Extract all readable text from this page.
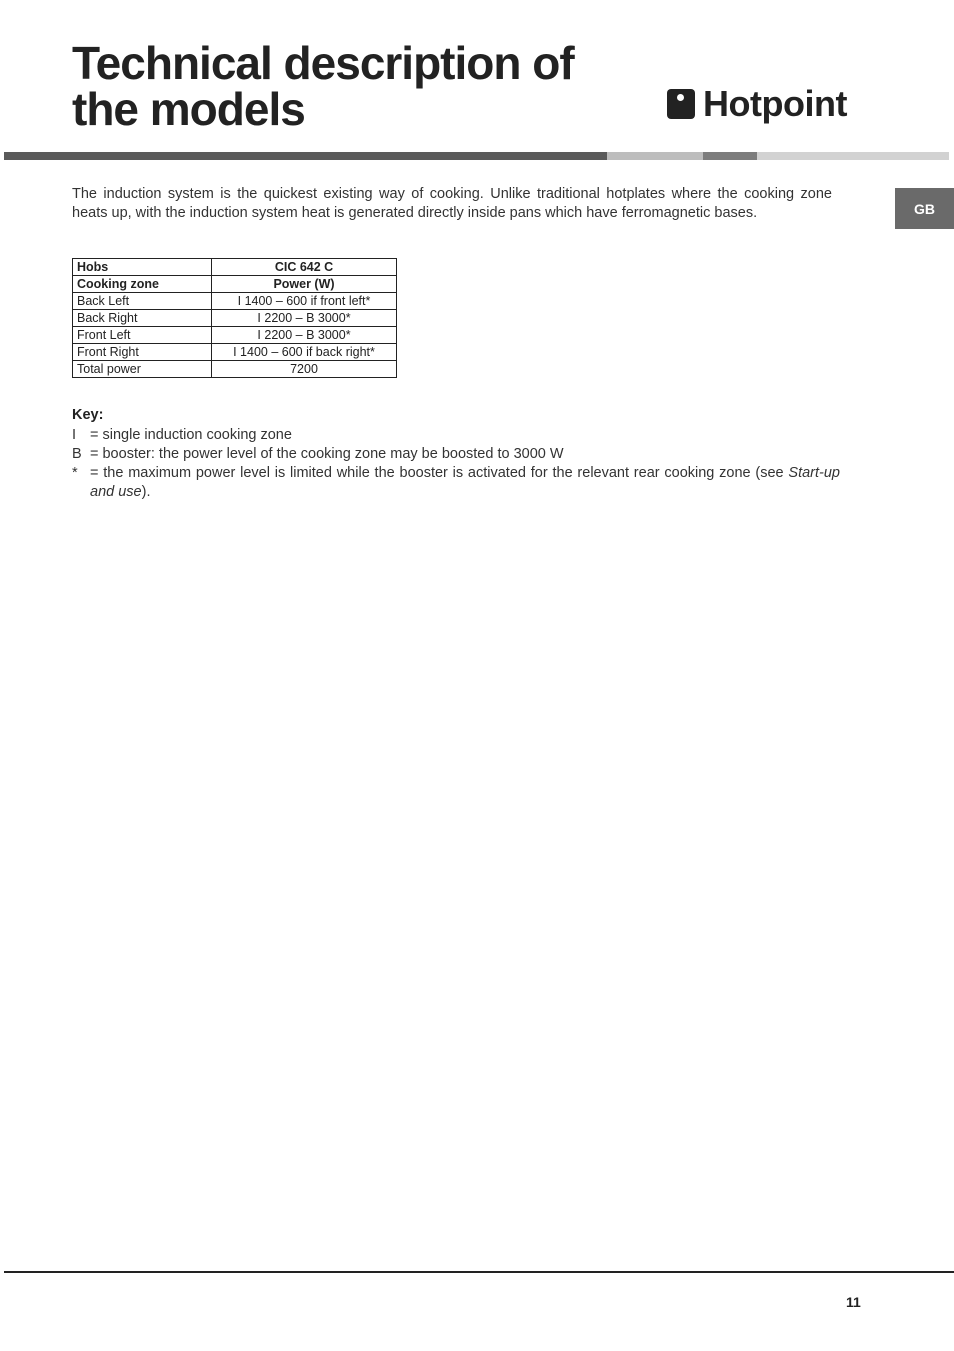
Technical description of
the models	Hotpoint
GB

The induction system is the quickest existing way of cooking. Unlike traditional hotplates where the cooking zone heats up, with the induction system heat is generated directly inside pans which have ferromagnetic bases.

Hobs	CIC 642 C
Cooking zone	Power (W)
Back Left	I 1400 – 600 if front left*
Back Right	I 2200 – B 3000*
Front Left	I 2200 – B 3000*
Front Right	I 1400 – 600 if back right*
Total power	7200

Key:

I = single induction cooking zone
B = booster: the power level of the cooking zone may be boosted to 3000 W
* = the maximum power level is limited while the booster is activated for the relevant rear cooking zone (see Start-up and use).
11
